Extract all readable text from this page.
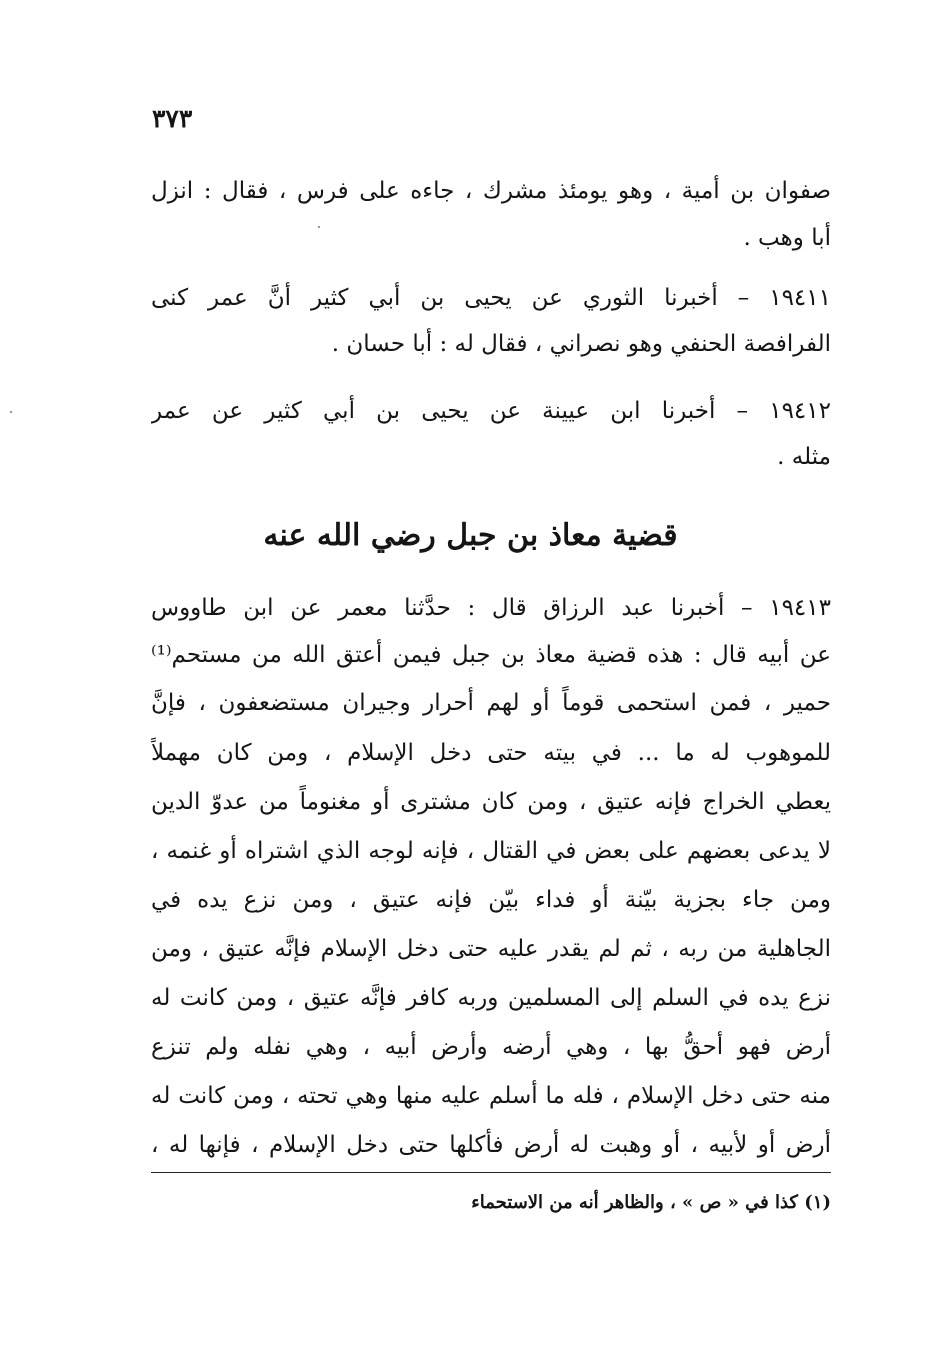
٣٧٣
صفوان بن أمية ، وهو يومئذ مشرك ، جاءه على فرس ، فقال : انزل
أبا وهب .
١٩٤١١ – أخبرنا الثوري عن يحيى بن أبي كثير أنَّ عمر كنى
الفرافصة الحنفي وهو نصراني ، فقال له : أبا حسان .
١٩٤١٢ – أخبرنا ابن عيينة عن يحيى بن أبي كثير عن عمر
مثله .
قضية معاذ بن جبل رضي الله عنه
١٩٤١٣ – أخبرنا عبد الرزاق قال : حدَّثنا معمر عن ابن طاووس
عن أبيه قال : هذه قضية معاذ بن جبل فيمن أعتق الله من مستحم⁽¹⁾
حمير ، فمن استحمى قوماً أو لهم أحرار وجيران مستضعفون ، فإنَّ
للموهوب له ما ... في بيته حتى دخل الإسلام ، ومن كان مهملاً
يعطي الخراج فإنه عتيق ، ومن كان مشترى أو مغنوماً من عدوّ الدين
لا يدعى بعضهم على بعض في القتال ، فإنه لوجه الذي اشتراه أو غنمه ،
ومن جاء بجزية بيّنة أو فداء بيّن فإنه عتيق ، ومن نزع يده في
الجاهلية من ربه ، ثم لم يقدر عليه حتى دخل الإسلام فإنَّه عتيق ، ومن
نزع يده في السلم إلى المسلمين وربه كافر فإنَّه عتيق ، ومن كانت له
أرض فهو أحقُّ بها ، وهي أرضه وأرض أبيه ، وهي نفله ولم تنزع
منه حتى دخل الإسلام ، فله ما أسلم عليه منها وهي تحته ، ومن كانت له
أرض أو لأبيه ، أو وهبت له أرض فأكلها حتى دخل الإسلام ، فإنها له ،
(١) كذا في « ص » ، والظاهر أنه من الاستحماء
